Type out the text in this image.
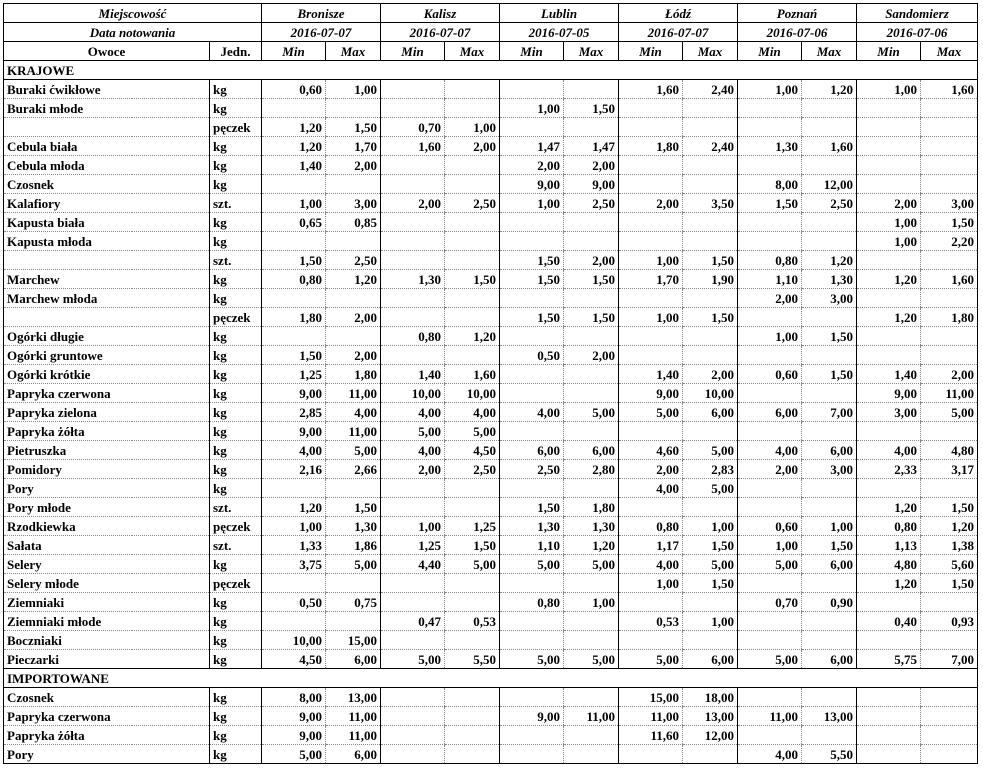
Miejscowość		Bronisze		Kalisz		Lublin		Łódź		Poznań		Sandomierz	
Data notowania		2016-07-07		2016-07-07		2016-07-05		2016-07-07		2016-07-06		2016-07-06	
Owoce	Jedn.	Min	Max	Min	Max	Min	Max	Min	Max	Min	Max	Min	Max
KRAJOWE													
Buraki ćwikłowe	kg	0,60	1,00					1,60	2,40	1,00	1,20	1,00	1,60
Buraki młode	kg					1,00	1,50						
	pęczek	1,20	1,50	0,70	1,00								
Cebula biała	kg	1,20	1,70	1,60	2,00	1,47	1,47	1,80	2,40	1,30	1,60		
Cebula młoda	kg	1,40	2,00			2,00	2,00						
Czosnek	kg					9,00	9,00			8,00	12,00		
Kalafiory	szt.	1,00	3,00	2,00	2,50	1,00	2,50	2,00	3,50	1,50	2,50	2,00	3,00
Kapusta biała	kg	0,65	0,85									1,00	1,50
Kapusta młoda	kg											1,00	2,20
	szt.	1,50	2,50			1,50	2,00	1,00	1,50	0,80	1,20		
Marchew	kg	0,80	1,20	1,30	1,50	1,50	1,50	1,70	1,90	1,10	1,30	1,20	1,60
Marchew młoda	kg									2,00	3,00		
	pęczek	1,80	2,00			1,50	1,50	1,00	1,50			1,20	1,80
Ogórki długie	kg			0,80	1,20					1,00	1,50		
Ogórki gruntowe	kg	1,50	2,00			0,50	2,00						
Ogórki krótkie	kg	1,25	1,80	1,40	1,60			1,40	2,00	0,60	1,50	1,40	2,00
Papryka czerwona	kg	9,00	11,00	10,00	10,00			9,00	10,00			9,00	11,00
Papryka zielona	kg	2,85	4,00	4,00	4,00	4,00	5,00	5,00	6,00	6,00	7,00	3,00	5,00
Papryka żółta	kg	9,00	11,00	5,00	5,00								
Pietruszka	kg	4,00	5,00	4,00	4,50	6,00	6,00	4,60	5,00	4,00	6,00	4,00	4,80
Pomidory	kg	2,16	2,66	2,00	2,50	2,50	2,80	2,00	2,83	2,00	3,00	2,33	3,17
Pory	kg							4,00	5,00				
Pory młode	szt.	1,20	1,50			1,50	1,80					1,20	1,50
Rzodkiewka	pęczek	1,00	1,30	1,00	1,25	1,30	1,30	0,80	1,00	0,60	1,00	0,80	1,20
Sałata	szt.	1,33	1,86	1,25	1,50	1,10	1,20	1,17	1,50	1,00	1,50	1,13	1,38
Selery	kg	3,75	5,00	4,40	5,00	5,00	5,00	4,00	5,00	5,00	6,00	4,80	5,60
Selery młode	pęczek							1,00	1,50			1,20	1,50
Ziemniaki	kg	0,50	0,75			0,80	1,00			0,70	0,90		
Ziemniaki młode	kg			0,47	0,53			0,53	1,00			0,40	0,93
Boczniaki	kg	10,00	15,00										
Pieczarki	kg	4,50	6,00	5,00	5,50	5,00	5,00	5,00	6,00	5,00	6,00	5,75	7,00
IMPORTOWANE													
Czosnek	kg	8,00	13,00					15,00	18,00				
Papryka czerwona	kg	9,00	11,00			9,00	11,00	11,00	13,00	11,00	13,00		
Papryka żółta	kg	9,00	11,00					11,60	12,00				
Pory	kg	5,00	6,00							4,00	5,50		
